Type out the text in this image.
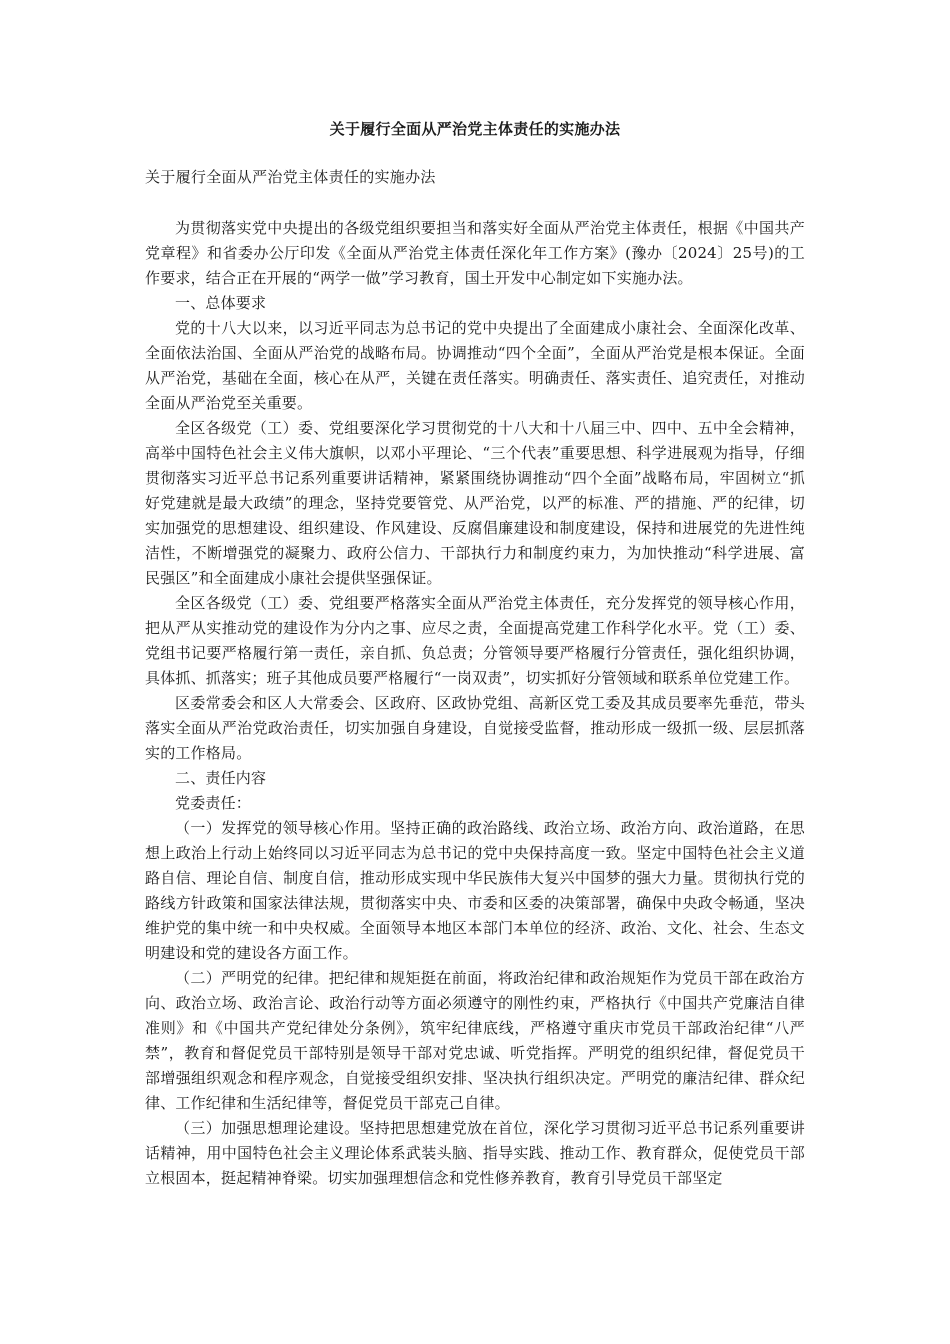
关于履行全面从严治党主体责任的实施办法
关于履行全面从严治党主体责任的实施办法

为贯彻落实党中央提出的各级党组织要担当和落实好全面从严治党主体责任，根据《中国共产党章程》和省委办公厅印发《全面从严治党主体责任深化年工作方案》(豫办〔2024〕25号)的工作要求，结合正在开展的“两学一做”学习教育，国土开发中心制定如下实施办法。

一、总体要求

党的十八大以来，以习近平同志为总书记的党中央提出了全面建成小康社会、全面深化改革、全面依法治国、全面从严治党的战略布局。协调推动“四个全面”，全面从严治党是根本保证。全面从严治党，基础在全面，核心在从严，关键在责任落实。明确责任、落实责任、追究责任，对推动全面从严治党至关重要。

全区各级党（工）委、党组要深化学习贯彻党的十八大和十八届三中、四中、五中全会精神，高举中国特色社会主义伟大旗帜，以邓小平理论、“三个代表”重要思想、科学进展观为指导，仔细贯彻落实习近平总书记系列重要讲话精神，紧紧围绕协调推动“四个全面”战略布局，牢固树立“抓好党建就是最大政绩”的理念，坚持党要管党、从严治党，以严的标准、严的措施、严的纪律，切实加强党的思想建设、组织建设、作风建设、反腐倡廉建设和制度建设，保持和进展党的先进性纯洁性，不断增强党的凝聚力、政府公信力、干部执行力和制度约束力，为加快推动“科学进展、富民强区”和全面建成小康社会提供坚强保证。

全区各级党（工）委、党组要严格落实全面从严治党主体责任，充分发挥党的领导核心作用，把从严从实推动党的建设作为分内之事、应尽之责，全面提高党建工作科学化水平。党（工）委、党组书记要严格履行第一责任，亲自抓、负总责；分管领导要严格履行分管责任，强化组织协调，具体抓、抓落实；班子其他成员要严格履行“一岗双责”，切实抓好分管领域和联系单位党建工作。

区委常委会和区人大常委会、区政府、区政协党组、高新区党工委及其成员要率先垂范，带头落实全面从严治党政治责任，切实加强自身建设，自觉接受监督，推动形成一级抓一级、层层抓落实的工作格局。

二、责任内容

党委责任：

（一）发挥党的领导核心作用。坚持正确的政治路线、政治立场、政治方向、政治道路，在思想上政治上行动上始终同以习近平同志为总书记的党中央保持高度一致。坚定中国特色社会主义道路自信、理论自信、制度自信，推动形成实现中华民族伟大复兴中国梦的强大力量。贯彻执行党的路线方针政策和国家法律法规，贯彻落实中央、市委和区委的决策部署，确保中央政令畅通，坚决维护党的集中统一和中央权威。全面领导本地区本部门本单位的经济、政治、文化、社会、生态文明建设和党的建设各方面工作。

（二）严明党的纪律。把纪律和规矩挺在前面，将政治纪律和政治规矩作为党员干部在政治方向、政治立场、政治言论、政治行动等方面必须遵守的刚性约束，严格执行《中国共产党廉洁自律准则》和《中国共产党纪律处分条例》，筑牢纪律底线，严格遵守重庆市党员干部政治纪律“八严禁”，教育和督促党员干部特别是领导干部对党忠诚、听党指挥。严明党的组织纪律，督促党员干部增强组织观念和程序观念，自觉接受组织安排、坚决执行组织决定。严明党的廉洁纪律、群众纪律、工作纪律和生活纪律等，督促党员干部克己自律。

（三）加强思想理论建设。坚持把思想建党放在首位，深化学习贯彻习近平总书记系列重要讲话精神，用中国特色社会主义理论体系武装头脑、指导实践、推动工作、教育群众，促使党员干部立根固本，挺起精神脊梁。切实加强理想信念和党性修养教育，教育引导党员干部坚定
